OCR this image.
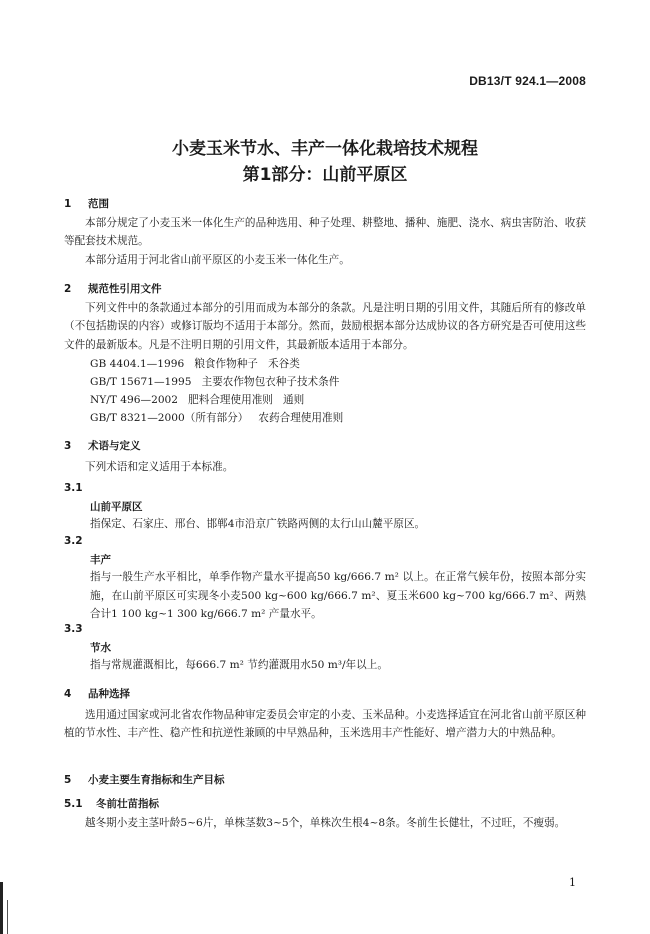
DB13/T 924.1—2008
小麦玉米节水、丰产一体化栽培技术规程
第1部分：山前平原区
1 范围
本部分规定了小麦玉米一体化生产的品种选用、种子处理、耕整地、播种、施肥、浇水、病虫害防治、收获等配套技术规范。
本部分适用于河北省山前平原区的小麦玉米一体化生产。
2 规范性引用文件
下列文件中的条款通过本部分的引用而成为本部分的条款。凡是注明日期的引用文件，其随后所有的修改单（不包括勘误的内容）或修订版均不适用于本部分。然而，鼓励根据本部分达成协议的各方研究是否可使用这些文件的最新版本。凡是不注明日期的引用文件，其最新版本适用于本部分。
GB 4404.1—1996   粮食作物种子   禾谷类
GB/T 15671—1995   主要农作物包衣种子技术条件
NY/T 496—2002   肥料合理使用准则   通则
GB/T 8321—2000（所有部分）   农药合理使用准则
3 术语与定义
下列术语和定义适用于本标准。
3.1
山前平原区
指保定、石家庄、邢台、邯郸4市沿京广铁路两侧的太行山山麓平原区。
3.2
丰产
指与一般生产水平相比，单季作物产量水平提高50 kg/666.7 m² 以上。在正常气候年份，按照本部分实施，在山前平原区可实现冬小麦500 kg~600 kg/666.7 m²、夏玉米600 kg~700 kg/666.7 m²、两熟合计1 100 kg~1 300 kg/666.7 m² 产量水平。
3.3
节水
指与常规灌溉相比，每666.7 m² 节约灌溉用水50 m³/年以上。
4 品种选择
选用通过国家或河北省农作物品种审定委员会审定的小麦、玉米品种。小麦选择适宜在河北省山前平原区种植的节水性、丰产性、稳产性和抗逆性兼顾的中早熟品种，玉米选用丰产性能好、增产潜力大的中熟品种。
5 小麦主要生育指标和生产目标
5.1 冬前壮苗指标
越冬期小麦主茎叶龄5~6片，单株茎数3~5个，单株次生根4~8条。冬前生长健壮，不过旺，不瘦弱。
1
